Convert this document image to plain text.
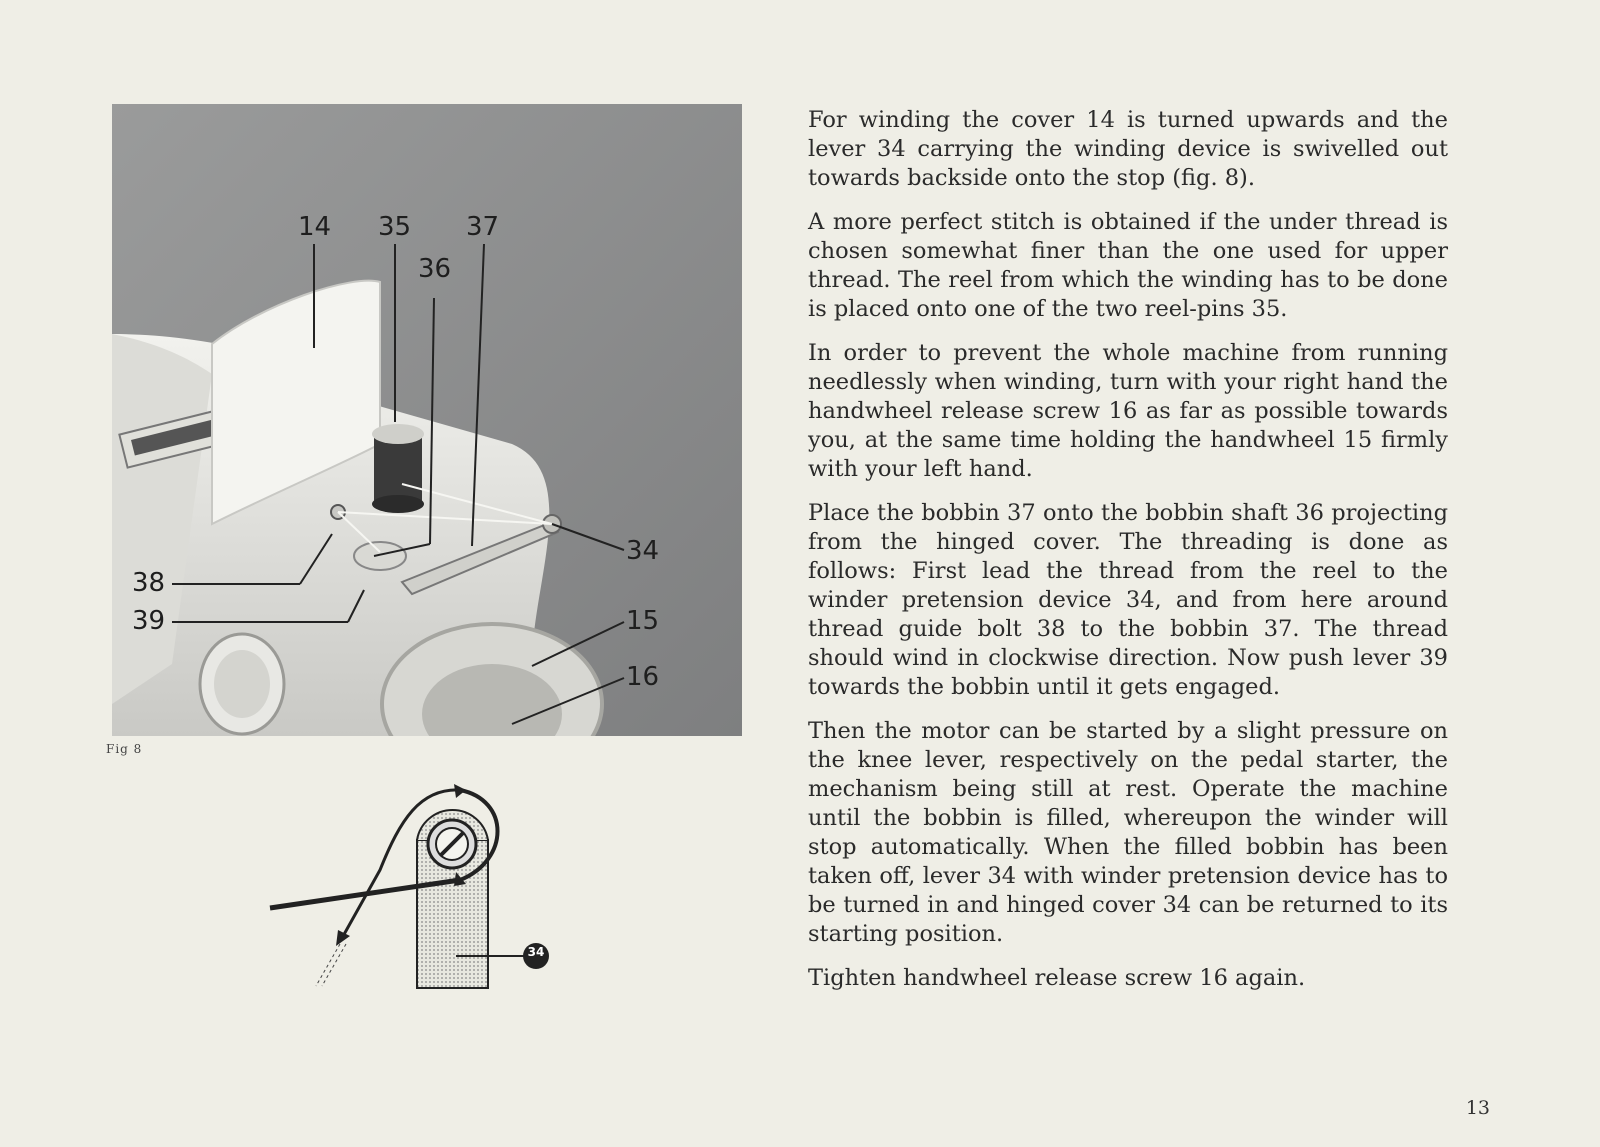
14 35 37
36
34
38
39	15
16
Fig 8
34

For winding the cover 14 is turned upwards and the lever 34 carrying the winding device is swivelled out towards backside onto the stop (fig. 8).

A more perfect stitch is obtained if the under thread is chosen somewhat finer than the one used for upper thread. The reel from which the winding has to be done is placed onto one of the two reel-pins 35.

In order to prevent the whole machine from running needlessly when winding, turn with your right hand the handwheel release screw 16 as far as possible towards you, at the same time holding the handwheel 15 firmly with your left hand.

Place the bobbin 37 onto the bobbin shaft 36 projecting from the hinged cover. The threading is done as follows: First lead the thread from the reel to the winder pretension device 34, and from here around thread guide bolt 38 to the bobbin 37. The thread should wind in clockwise direction. Now push lever 39 towards the bobbin until it gets engaged.

Then the motor can be started by a slight pressure on the knee lever, respectively on the pedal starter, the mechanism being still at rest. Operate the machine until the bobbin is filled, whereupon the winder will stop automatically. When the filled bobbin has been taken off, lever 34 with winder pretension device has to be turned in and hinged cover 34 can be returned to its starting position.

Tighten handwheel release screw 16 again.

13
